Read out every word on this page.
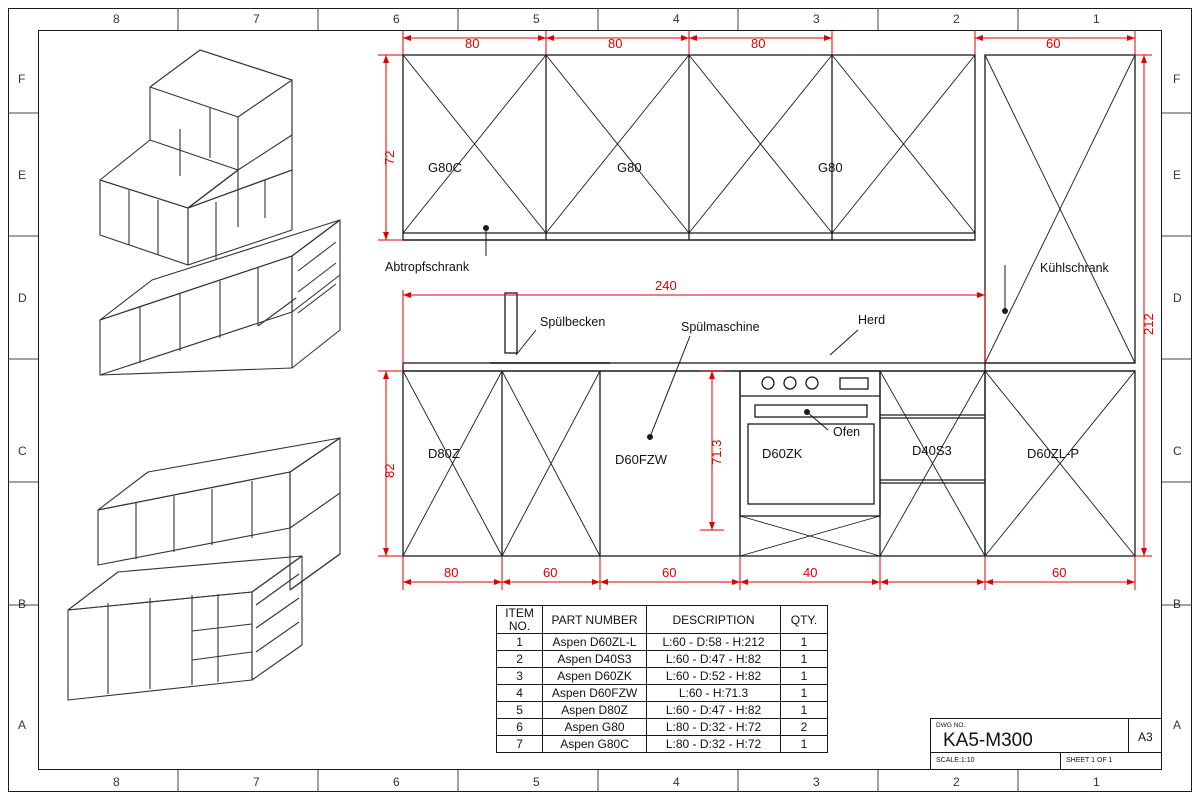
8	7	6	5	4	3	2	1
8	7	6	5	4	3	2	1
F
E
D
C
B
A
F
E
D
C
B
A
G80C	G80	G80
D60ZL-P
D80Z	D60FZW	D60ZK	D40S3
Abtropfschrank	Kühlschrank
Spülbecken	Spülmaschine	Herd
Ofen
80	80	80	60
72
82
212
71.3
240
80	60	60	40	60
ITEM
NO.	PART NUMBER	DESCRIPTION	QTY.
1	Aspen D60ZL-L	L:60 - D:58 - H:212	1
2	Aspen D40S3	L:60 - D:47 - H:82	1
3	Aspen D60ZK	L:60 - D:52 - H:82	1
4	Aspen D60FZW	L:60 - H:71.3	1
5	Aspen D80Z	L:60 - D:47 - H:82	1
6	Aspen G80	L:80 - D:32 - H:72	2
7	Aspen G80C	L:80 - D:32 - H:72	1
DWG NO.
KA5-M300	A3
SCALE:1:10	SHEET 1 OF 1
